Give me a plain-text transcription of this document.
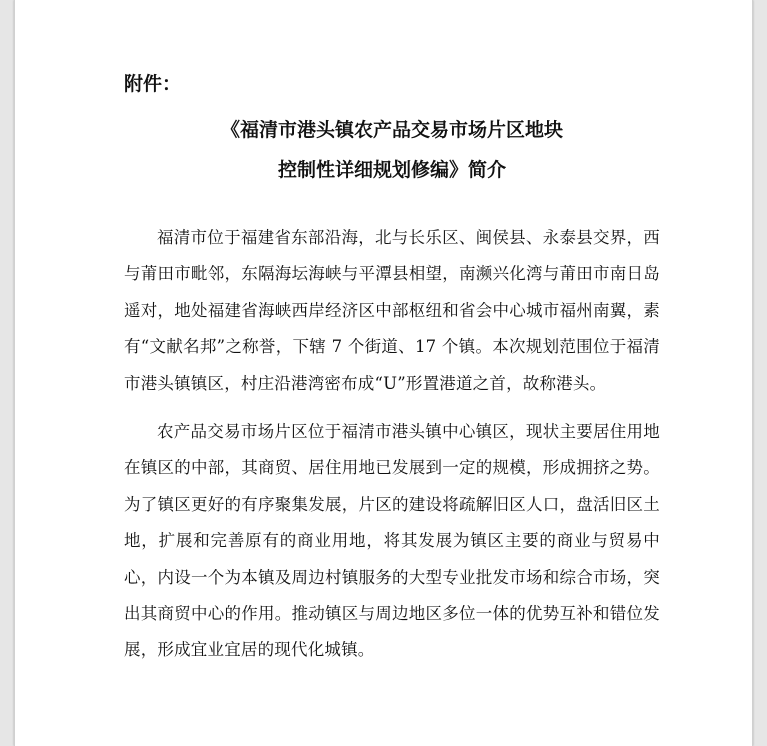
附件：

《福清市港头镇农产品交易市场片区地块

控制性详细规划修编》简介

福清市位于福建省东部沿海，北与长乐区、闽侯县、永泰县交界，西与莆田市毗邻，东隔海坛海峡与平潭县相望，南濒兴化湾与莆田市南日岛遥对，地处福建省海峡西岸经济区中部枢纽和省会中心城市福州南翼，素有“文献名邦”之称誉，下辖 7 个街道、17 个镇。本次规划范围位于福清市港头镇镇区，村庄沿港湾密布成“U”形置港道之首，故称港头。

农产品交易市场片区位于福清市港头镇中心镇区，现状主要居住用地在镇区的中部，其商贸、居住用地已发展到一定的规模，形成拥挤之势。为了镇区更好的有序聚集发展，片区的建设将疏解旧区人口，盘活旧区土地，扩展和完善原有的商业用地，将其发展为镇区主要的商业与贸易中心，内设一个为本镇及周边村镇服务的大型专业批发市场和综合市场，突出其商贸中心的作用。推动镇区与周边地区多位一体的优势互补和错位发展，形成宜业宜居的现代化城镇。
